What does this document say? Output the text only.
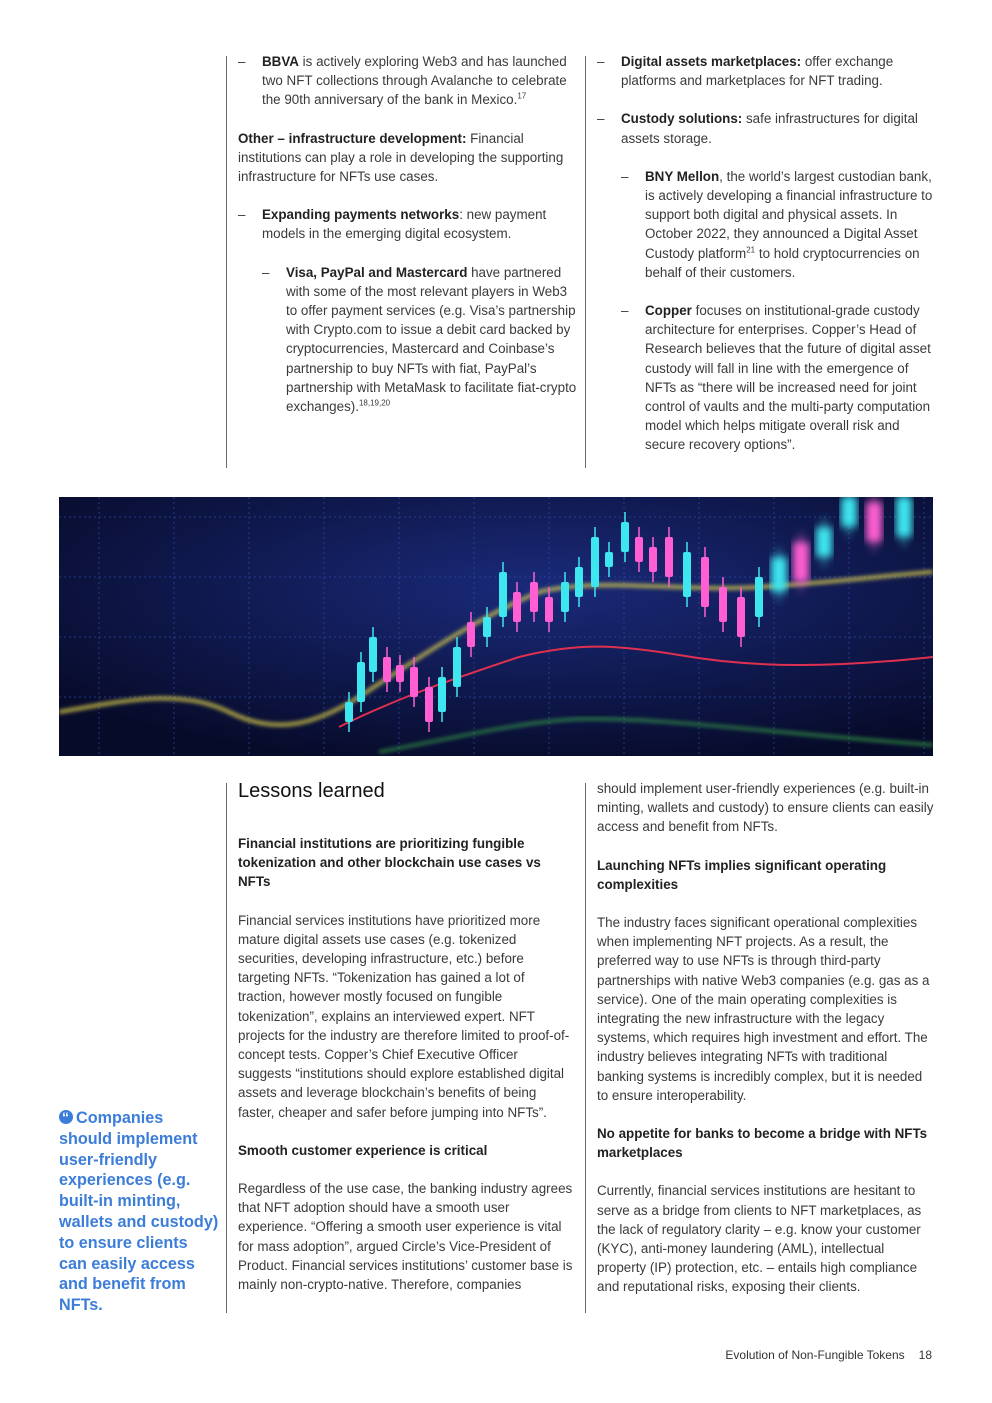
– BBVA is actively exploring Web3 and has launched two NFT collections through Avalanche to celebrate the 90th anniversary of the bank in Mexico.$^{17}$

Other – infrastructure development: Financial institutions can play a role in developing the supporting infrastructure for NFTs use cases.

– Expanding payments networks: new payment models in the emerging digital ecosystem.
– Visa, PayPal and Mastercard have partnered with some of the most relevant players in Web3 to offer payment services (e.g. Visa’s partnership with Crypto.com to issue a debit card backed by cryptocurrencies, Mastercard and Coinbase’s partnership to buy NFTs with fiat, PayPal’s partnership with MetaMask to facilitate fiat-crypto exchanges).$^{18,19,20}$
– Digital assets marketplaces: offer exchange platforms and marketplaces for NFT trading.
– Custody solutions: safe infrastructures for digital assets storage.
– BNY Mellon, the world’s largest custodian bank, is actively developing a financial infrastructure to support both digital and physical assets. In October 2022, they announced a Digital Asset Custody platform$^{21}$ to hold cryptocurrencies on behalf of their customers.
– Copper focuses on institutional-grade custody architecture for enterprises. Copper’s Head of Research believes that the future of digital asset custody will fall in line with the emergence of NFTs as “there will be increased need for joint control of vaults and the multi-party computation model which helps mitigate overall risk and secure recovery options”.
Lessons learned
Financial institutions are prioritizing fungible tokenization and other blockchain use cases vs NFTs

Financial services institutions have prioritized more mature digital assets use cases (e.g. tokenized securities, developing infrastructure, etc.) before targeting NFTs. “Tokenization has gained a lot of traction, however mostly focused on fungible tokenization”, explains an interviewed expert. NFT projects for the industry are therefore limited to proof-of-concept tests. Copper’s Chief Executive Officer suggests “institutions should explore established digital assets and leverage blockchain’s benefits of being faster, cheaper and safer before jumping into NFTs”.

Smooth customer experience is critical

Regardless of the use case, the banking industry agrees that NFT adoption should have a smooth user experience. “Offering a smooth user experience is vital for mass adoption”, argued Circle’s Vice-President of Product. Financial services institutions’ customer base is mainly non-crypto-native. Therefore, companies

should implement user-friendly experiences (e.g. built-in minting, wallets and custody) to ensure clients can easily access and benefit from NFTs.

Launching NFTs implies significant operating complexities

The industry faces significant operational complexities when implementing NFT projects. As a result, the preferred way to use NFTs is through third-party partnerships with native Web3 companies (e.g. gas as a service). One of the main operating complexities is integrating the new infrastructure with the legacy systems, which requires high investment and effort. The industry believes integrating NFTs with traditional banking systems is incredibly complex, but it is needed to ensure interoperability.

No appetite for banks to become a bridge with NFTs marketplaces

Currently, financial services institutions are hesitant to serve as a bridge from clients to NFT marketplaces, as the lack of regulatory clarity – e.g. know your customer (KYC), anti-money laundering (AML), intellectual property (IP) protection, etc. – entails high compliance and reputational risks, exposing their clients.

“Companies should implement user-friendly experiences (e.g. built-in minting, wallets and custody) to ensure clients can easily access and benefit from NFTs.
Evolution of Non-Fungible Tokens 18
